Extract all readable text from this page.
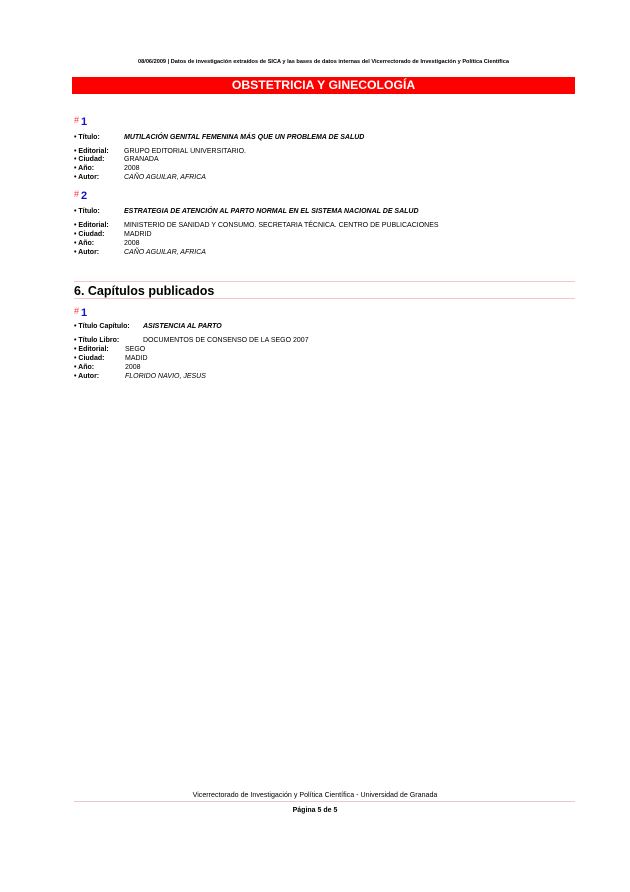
08/06/2009 | Datos de investigación extraídos de SICA y las bases de datos internas del Vicerrectorado de Investigación y Política Científica
OBSTETRICIA Y GINECOLOGÍA
# 1
• Título:	MUTILACIÓN GENITAL FEMENINA MÁS QUE UN PROBLEMA DE SALUD
• Editorial: GRUPO EDITORIAL UNIVERSITARIO.
• Ciudad:	GRANADA
• Año:	2008
• Autor:	CAÑO AGUILAR, AFRICA
# 2
• Título:	ESTRATEGIA DE ATENCIÓN AL PARTO NORMAL EN EL SISTEMA NACIONAL DE SALUD
• Editorial: MINISTERIO DE SANIDAD Y CONSUMO. SECRETARIA TÉCNICA. CENTRO DE PUBLICACIONES
• Ciudad:	MADRID
• Año:	2008
• Autor:	CAÑO AGUILAR, AFRICA
6. Capítulos publicados
# 1
• Título Capítulo: ASISTENCIA AL PARTO
• Título Libro:	DOCUMENTOS DE CONSENSO DE LA SEGO 2007
• Editorial: SEGO
• Ciudad:	MADID
• Año:	2008
• Autor:	FLORIDO NAVIO, JESUS
Vicerrectorado de Investigación y Política Científica - Universidad de Granada
Página 5 de 5
